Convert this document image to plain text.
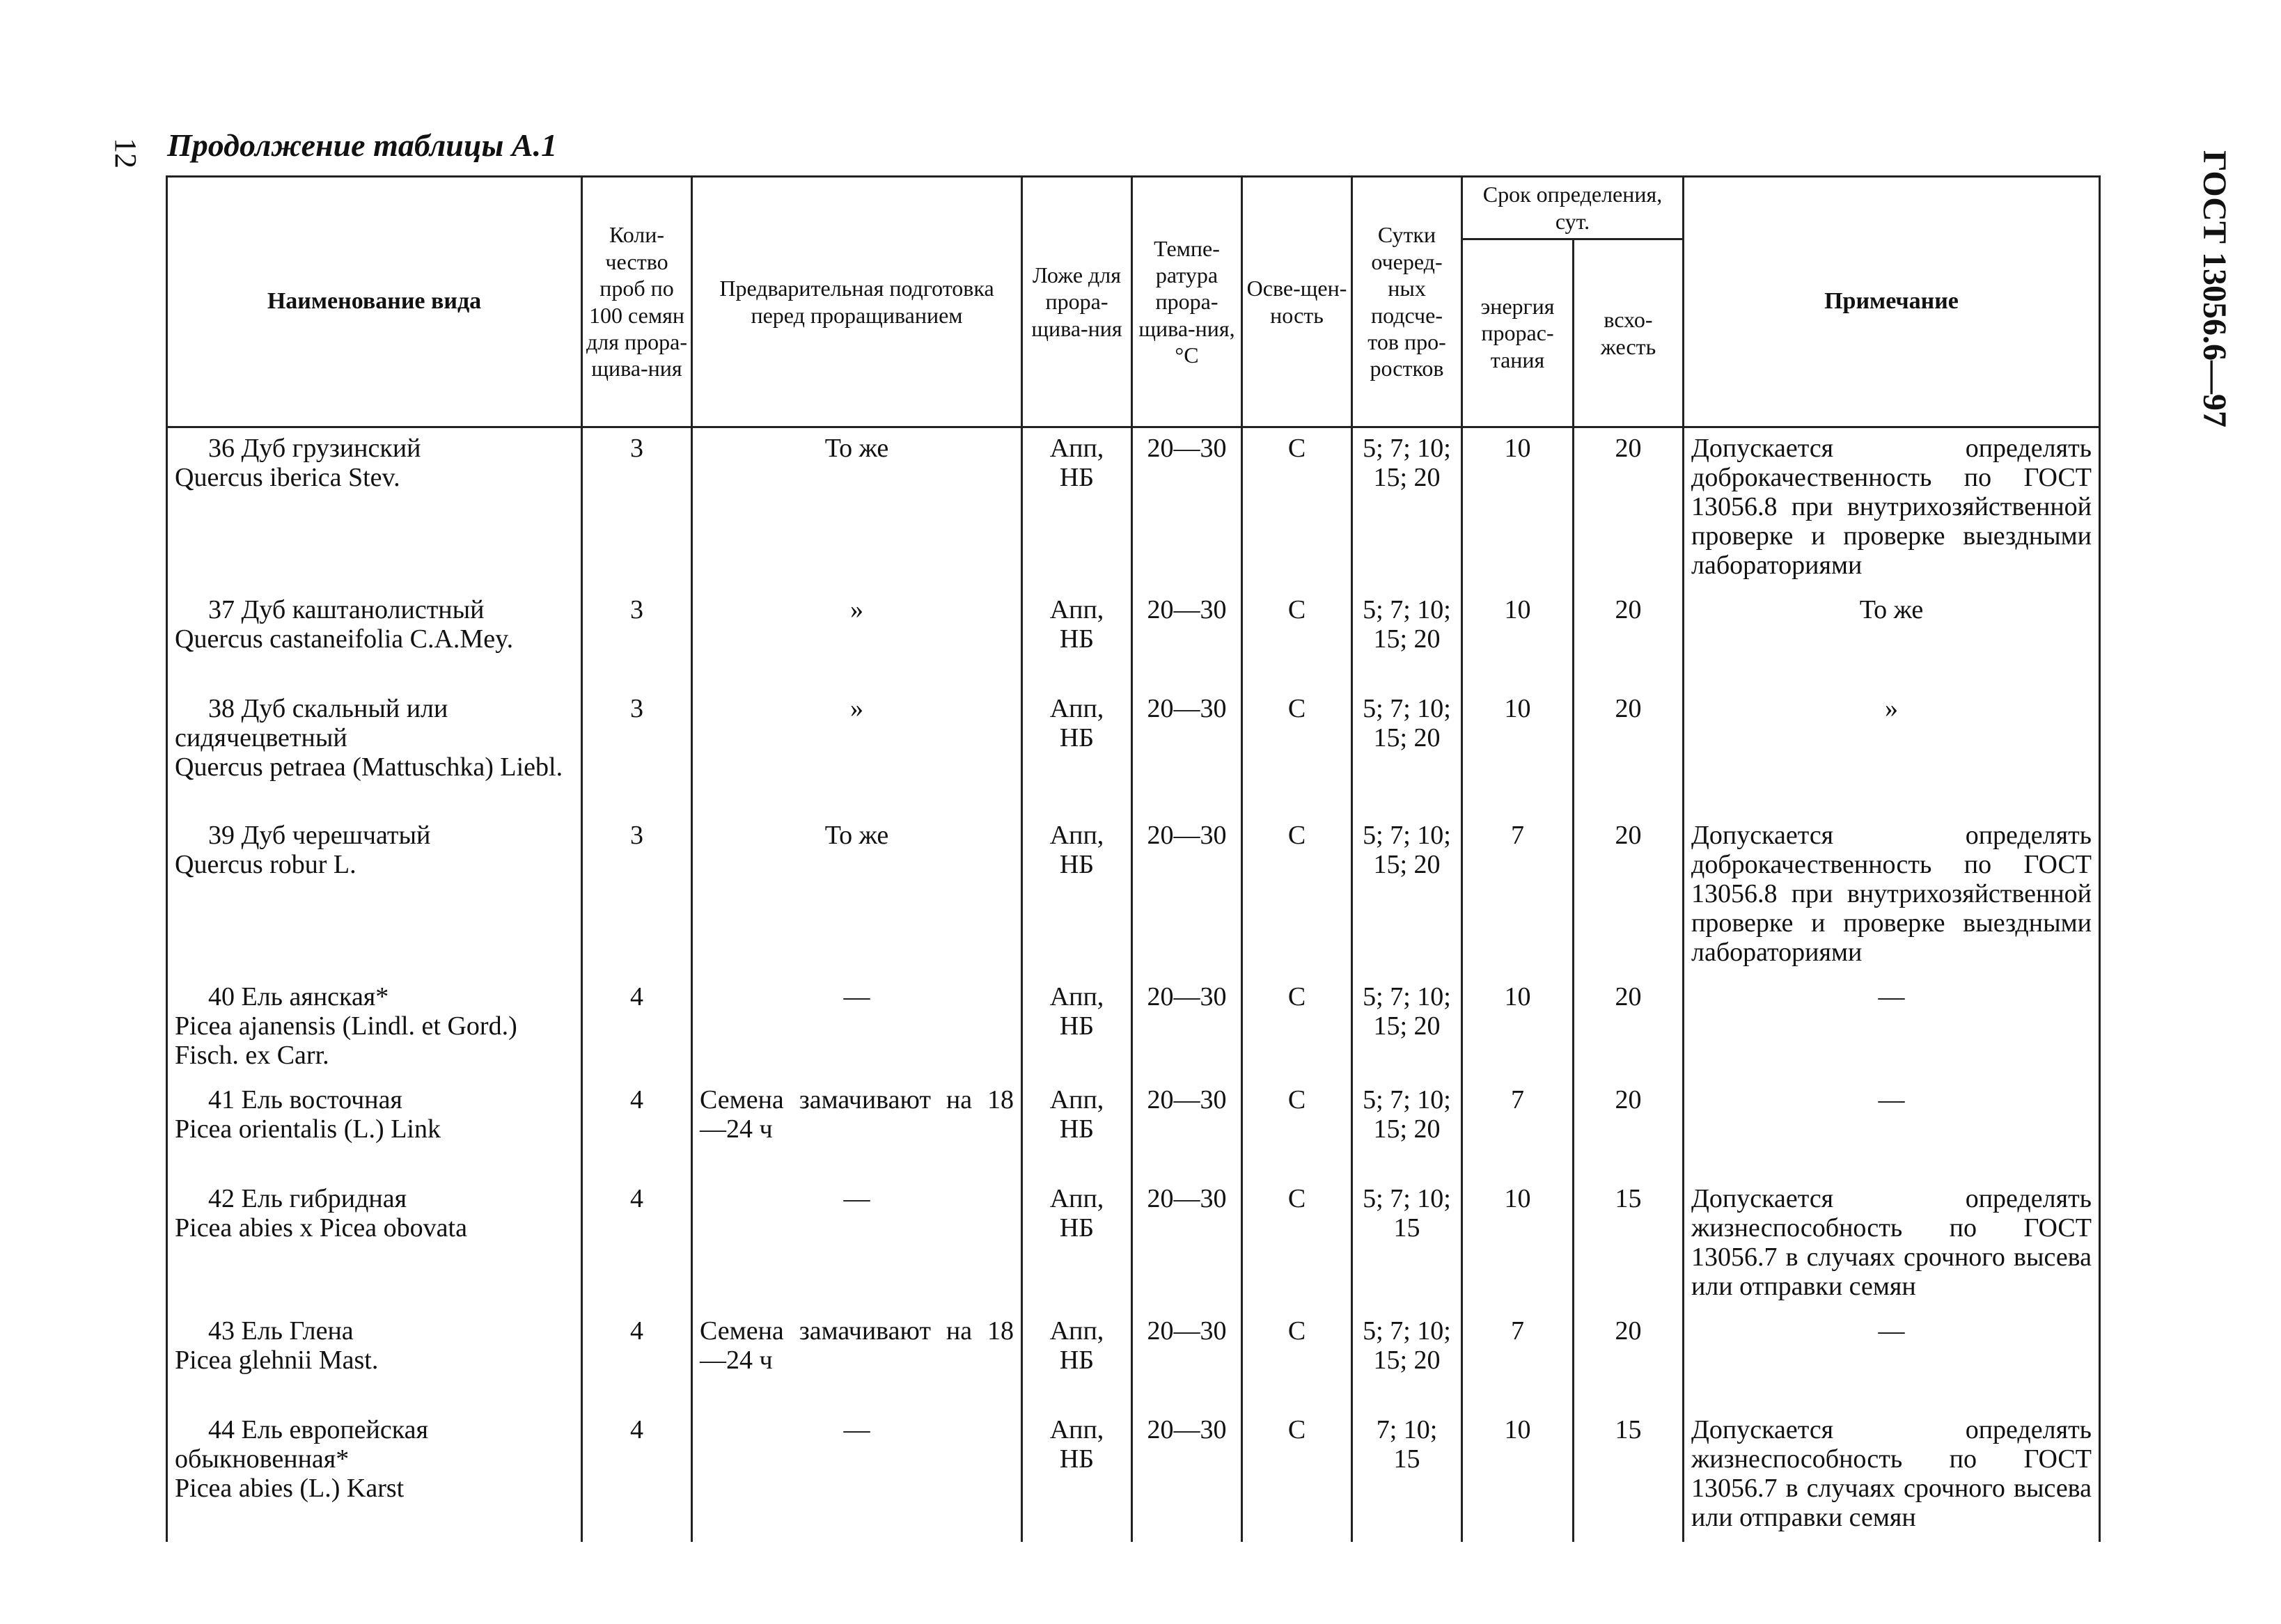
12 Продолжение таблицы А.1
ГОСТ 13056.6—97
Наименование вида	Коли-чество проб по 100 семян для прора-щива-ния	Предварительная подготовка перед проращиванием	Ложе для прора-щива-ния	Темпе-ратура прора-щива-ния, °С	Осве-щен-ность	Сутки очеред-ных подсче-тов про-ростков	Срок определения, сут.		Примечание
							энергия прорас-тания	всхо-жесть	
36 Дуб грузинский
Quercus iberica Stev.	3	То же	Апп, НБ	20—30	С	5; 7; 10; 15; 20	10	20	Допускается определять доброкачественность по ГОСТ 13056.8 при внутрихозяйственной проверке и проверке выездными лабораториями
37 Дуб каштанолистный
Quercus castaneifolia C.A.Mey.	3	»	Апп, НБ	20—30	С	5; 7; 10; 15; 20	10	20	То же
38 Дуб скальный или сидячецветный
Quercus petraea (Mattuschka) Liebl.	3	»	Апп, НБ	20—30	С	5; 7; 10; 15; 20	10	20	»
39 Дуб черешчатый
Quercus robur L.	3	То же	Апп, НБ	20—30	С	5; 7; 10; 15; 20	7	20	Допускается определять доброкачественность по ГОСТ 13056.8 при внутрихозяйственной проверке и проверке выездными лабораториями
40 Ель аянская*
Picea ajanensis (Lindl. et Gord.) Fisch. ex Carr.	4	—	Апп, НБ	20—30	С	5; 7; 10; 15; 20	10	20	—
41 Ель восточная
Picea orientalis (L.) Link	4	Семена замачивают на 18—24 ч	Апп, НБ	20—30	С	5; 7; 10; 15; 20	7	20	—
42 Ель гибридная
Picea abies x Picea obovata	4	—	Апп, НБ	20—30	С	5; 7; 10; 15	10	15	Допускается определять жизнеспособность по ГОСТ 13056.7 в случаях срочного высева или отправки семян
43 Ель Глена
Picea glehnii Mast.	4	Семена замачивают на 18—24 ч	Апп, НБ	20—30	С	5; 7; 10; 15; 20	7	20	—
44 Ель европейская обыкновенная*
Picea abies (L.) Karst	4	—	Апп, НБ	20—30	С	7; 10; 15	10	15	Допускается определять жизнеспособность по ГОСТ 13056.7 в случаях срочного высева или отправки семян
